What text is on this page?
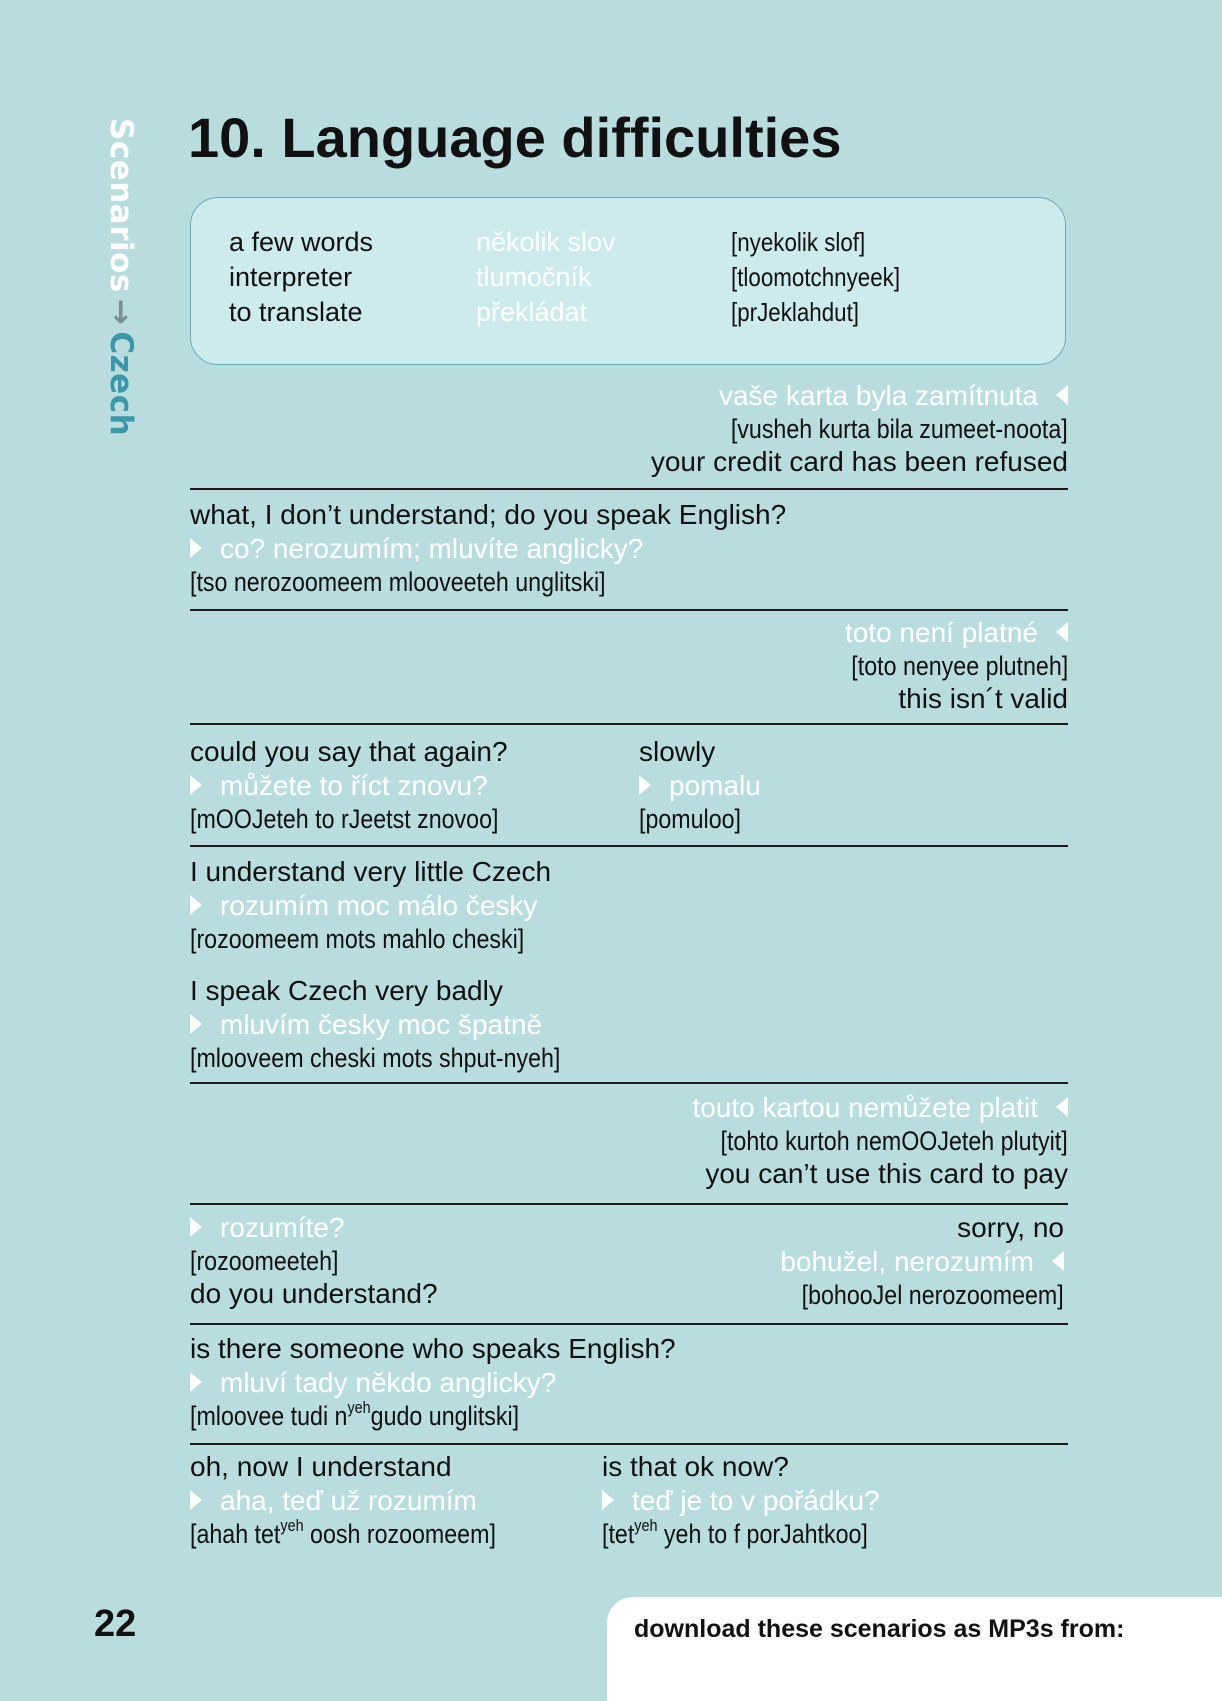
Scenarios→Czech
10. Language difficulties
a few words	několik slov	[nyekolik slof]
interpreter	tlumočník	[tloomotchnyeek]
to translate	překládat	[prJeklahdut]
vaše karta byla zamítnuta
[vusheh kurta bila zumeet-noota]
your credit card has been refused
what, I don’t understand; do you speak English?
co? nerozumím; mluvíte anglicky?
[tso nerozoomeem mlooveeteh unglitski]
toto není platné
[toto nenyee plutneh]
this isn´t valid
could you say that again?
můžete to říct znovu?
[mOOJeteh to rJeetst znovoo]
slowly
pomalu
[pomuloo]
I understand very little Czech
rozumím moc málo česky
[rozoomeem mots mahlo cheski]
I speak Czech very badly
mluvím česky moc špatně
[mlooveem cheski mots shput-nyeh]
touto kartou nemůžete platit
[tohto kurtoh nemOOJeteh plutyit]
you can’t use this card to pay
rozumíte?
[rozoomeeteh]
do you understand?
sorry, no
bohužel, nerozumím
[bohooJel nerozoomeem]
is there someone who speaks English?
mluví tady někdo anglicky?
[mloovee tudi $n^{yeh}gudo$ unglitski]
oh, now I understand
aha, teď už rozumím
[ahah tet$^{yeh}$ oosh rozoomeem]
is that ok now?
teď je to v pořádku?
[tet$^{yeh}$ yeh to f porJahtkoo]
22	download these scenarios as MP3s from:
